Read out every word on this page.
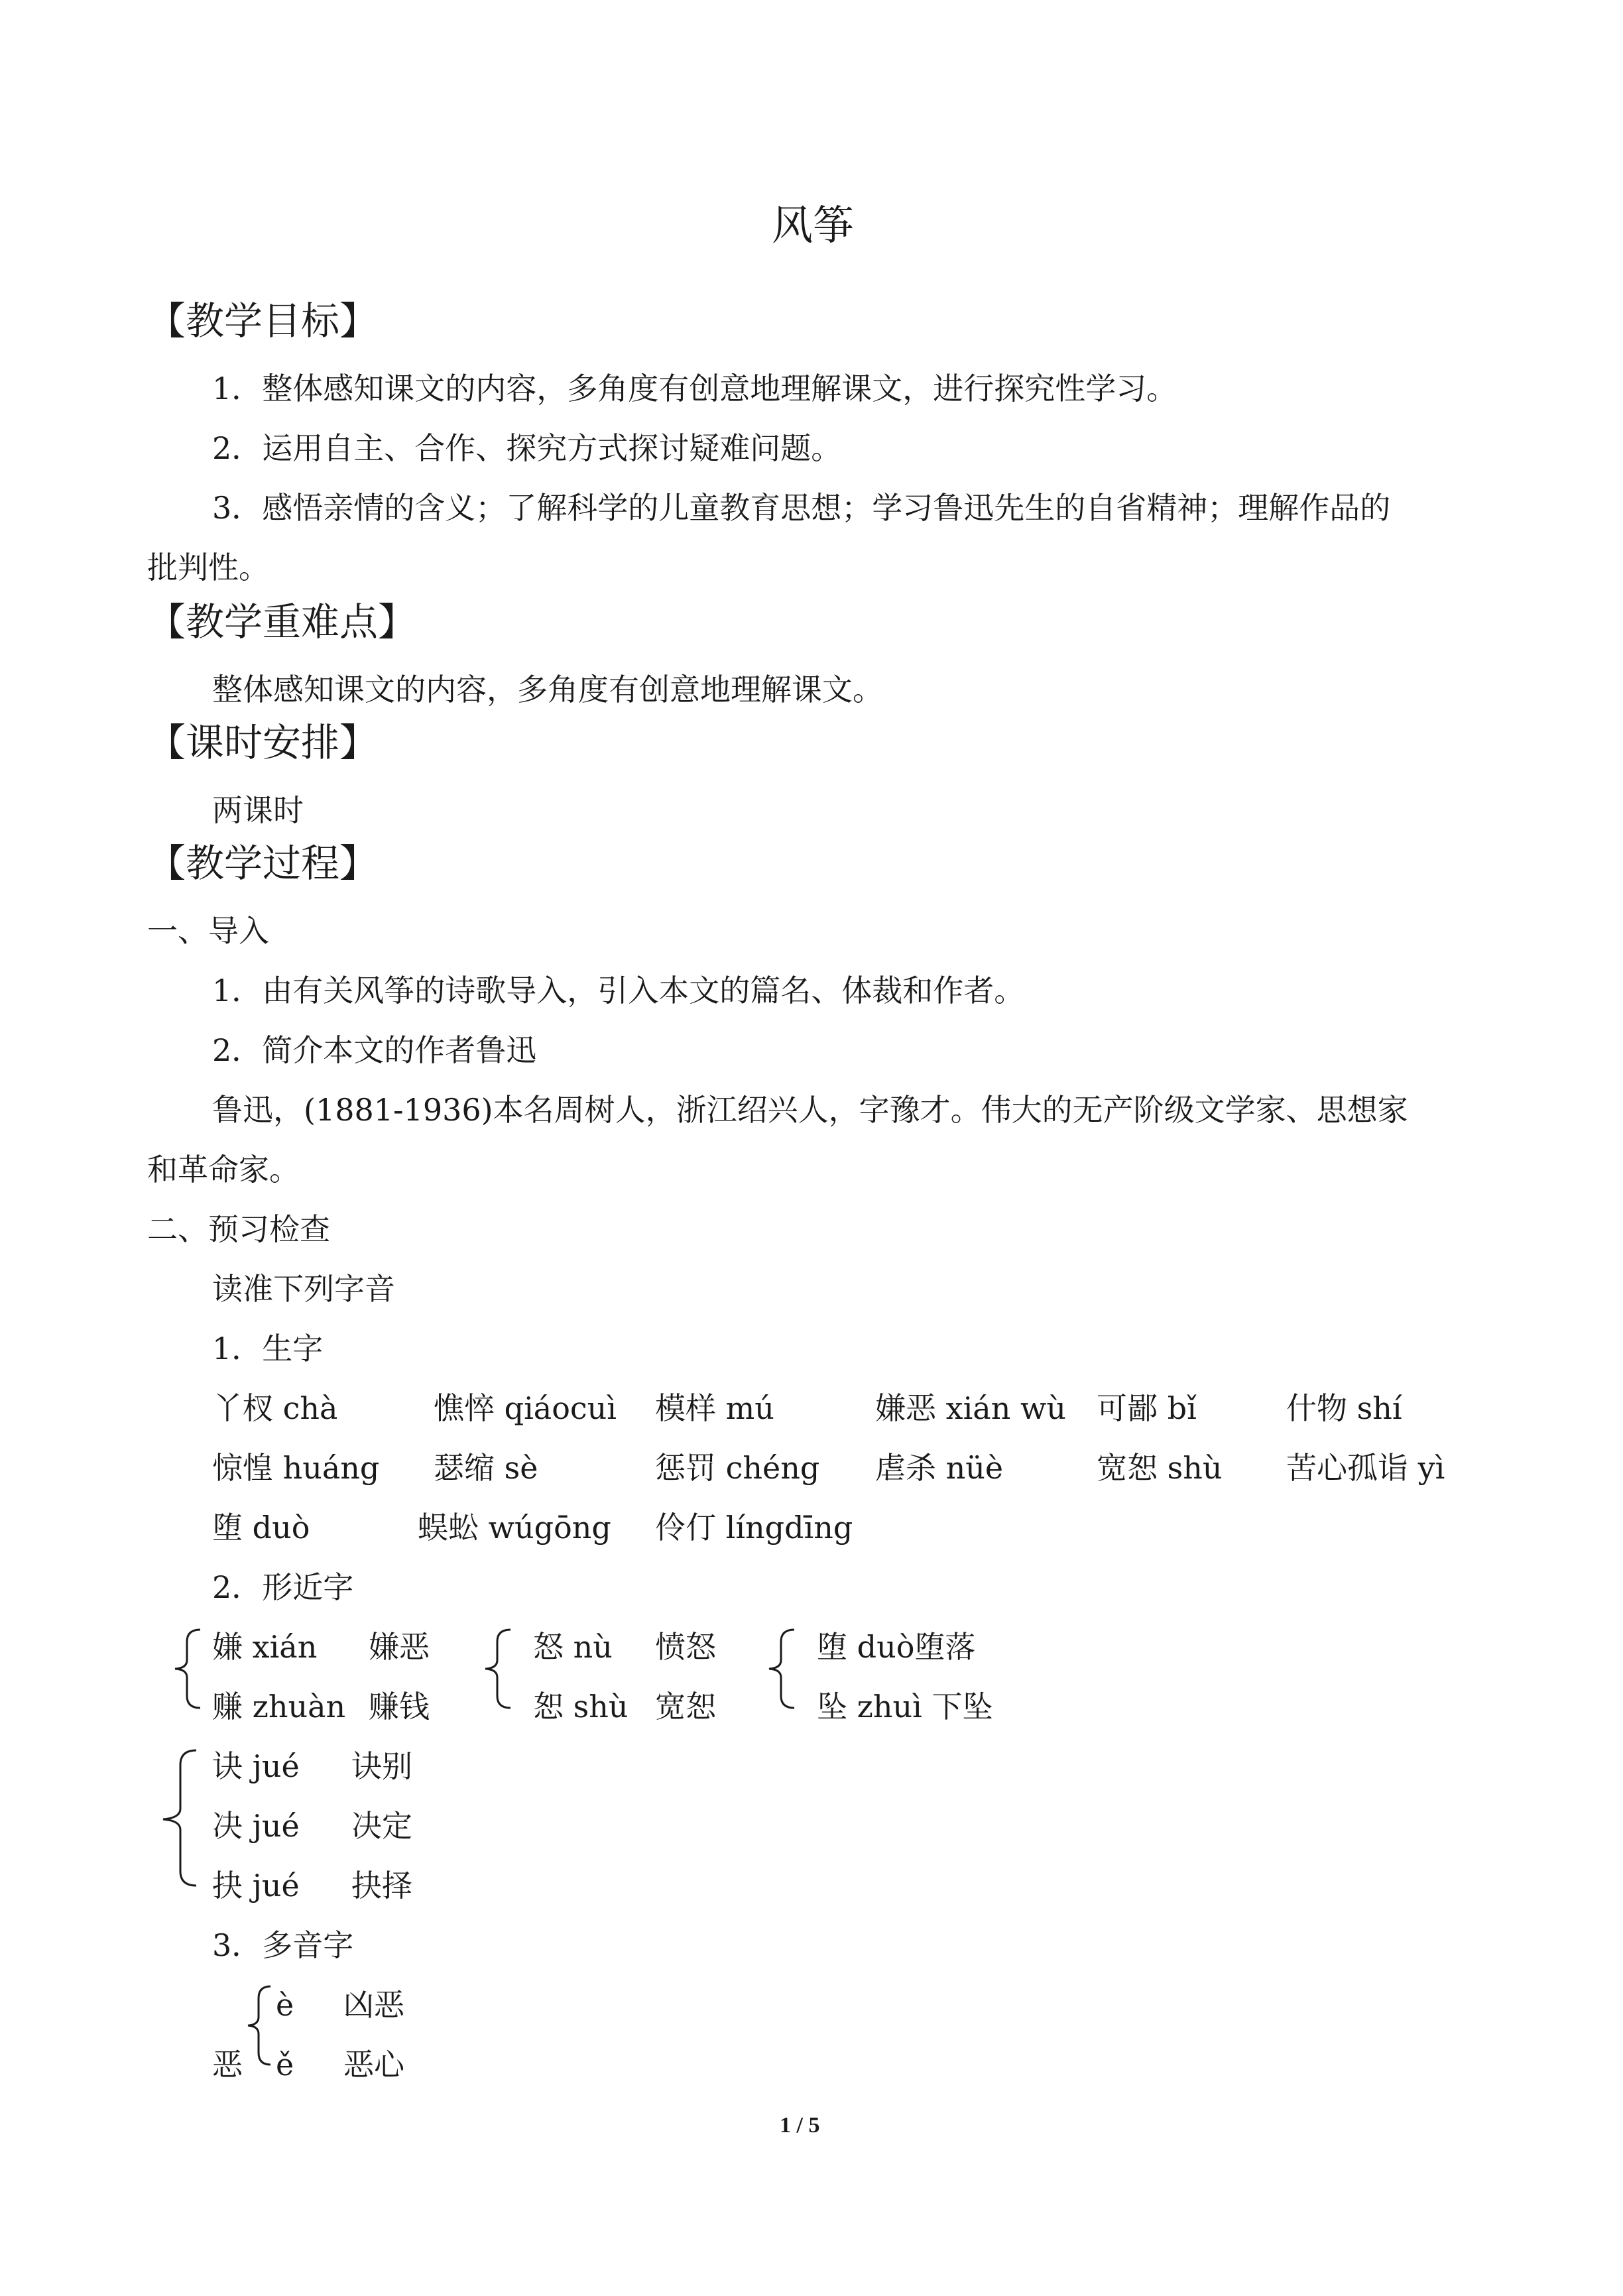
风筝
【教学目标】
1．整体感知课文的内容，多角度有创意地理解课文，进行探究性学习。
2．运用自主、合作、探究方式探讨疑难问题。
3．感悟亲情的含义；了解科学的儿童教育思想；学习鲁迅先生的自省精神；理解作品的
批判性。
【教学重难点】
整体感知课文的内容，多角度有创意地理解课文。
【课时安排】
两课时
【教学过程】
一、导入
1．由有关风筝的诗歌导入，引入本文的篇名、体裁和作者。
2．简介本文的作者鲁迅
鲁迅，(1881-1936)本名周树人，浙江绍兴人，字豫才。伟大的无产阶级文学家、思想家
和革命家。
二、预习检查
读准下列字音
1．生字
丫杈 chà	憔悴 qiáocuì 模样 mú	嫌恶 xián wù 可鄙 bǐ	什物 shí
惊惶 huáng 瑟缩 sè	惩罚 chéng 虐杀 nüè	宽恕 shù 苦心孤诣 yì
堕 duò	蜈蚣 wúgōng 伶仃 língdīng
2．形近字
嫌 xián 嫌恶
赚 zhuàn 赚钱
怒 nù 愤怒
恕 shù 宽恕
堕 duò堕落
坠 zhuì 下坠
诀 jué 诀别
决 jué 决定
抉 jué 抉择
3．多音字
è 凶恶
恶 ě 恶心
1 / 5
